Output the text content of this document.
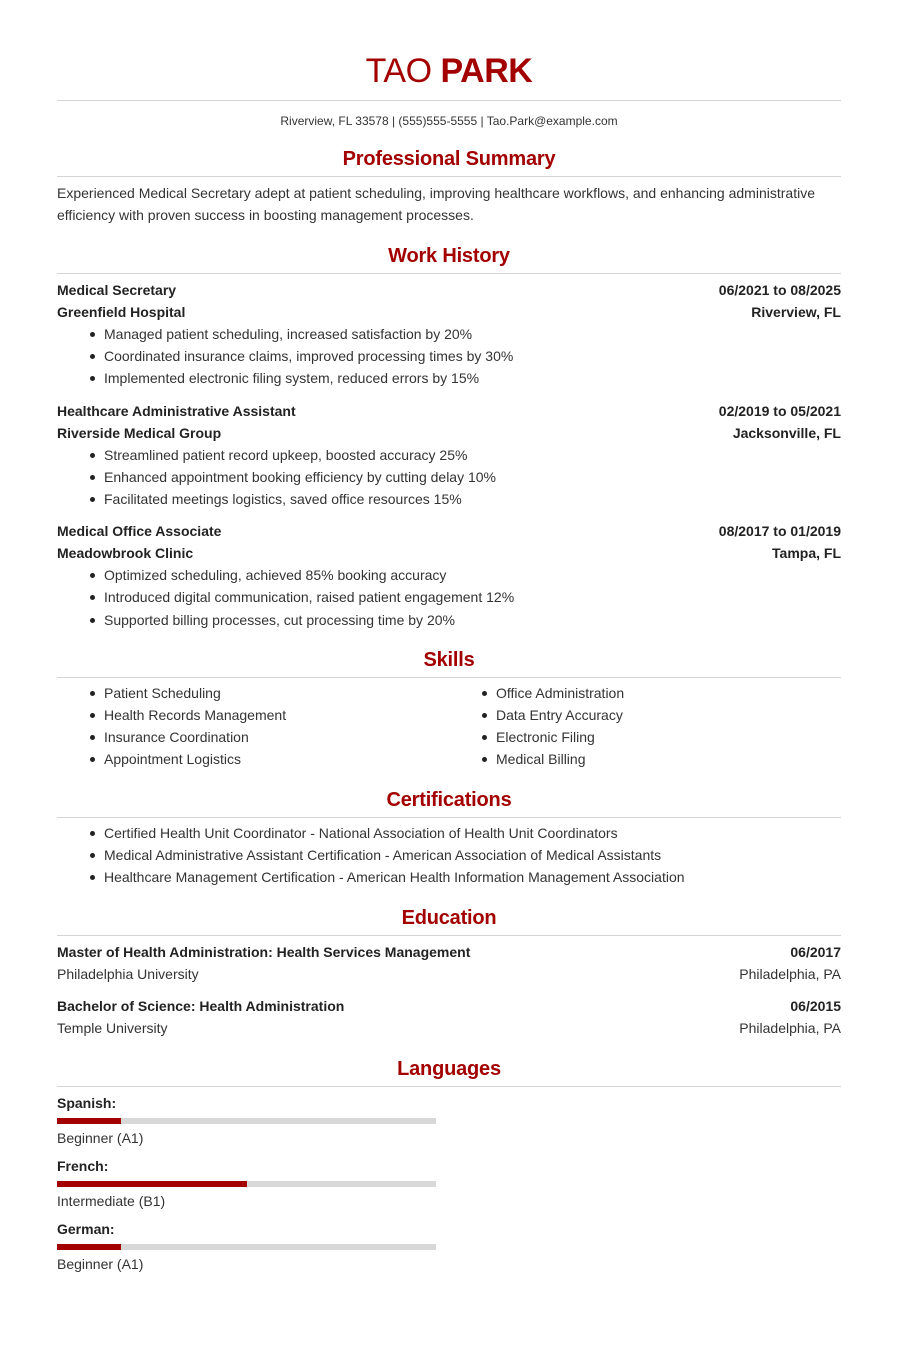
TAO PARK
Riverview, FL 33578 | (555)555-5555 | Tao.Park@example.com
Professional Summary
Experienced Medical Secretary adept at patient scheduling, improving healthcare workflows, and enhancing administrative efficiency with proven success in boosting management processes.
Work History
Medical Secretary	06/2021 to 08/2025
Greenfield Hospital	Riverview, FL
Managed patient scheduling, increased satisfaction by 20%
Coordinated insurance claims, improved processing times by 30%
Implemented electronic filing system, reduced errors by 15%
Healthcare Administrative Assistant	02/2019 to 05/2021
Riverside Medical Group	Jacksonville, FL
Streamlined patient record upkeep, boosted accuracy 25%
Enhanced appointment booking efficiency by cutting delay 10%
Facilitated meetings logistics, saved office resources 15%
Medical Office Associate	08/2017 to 01/2019
Meadowbrook Clinic	Tampa, FL
Optimized scheduling, achieved 85% booking accuracy
Introduced digital communication, raised patient engagement 12%
Supported billing processes, cut processing time by 20%
Skills
Patient Scheduling
Health Records Management
Insurance Coordination
Appointment Logistics
Office Administration
Data Entry Accuracy
Electronic Filing
Medical Billing
Certifications
Certified Health Unit Coordinator - National Association of Health Unit Coordinators
Medical Administrative Assistant Certification - American Association of Medical Assistants
Healthcare Management Certification - American Health Information Management Association
Education
Master of Health Administration: Health Services Management	06/2017
Philadelphia University	Philadelphia, PA
Bachelor of Science: Health Administration	06/2015
Temple University	Philadelphia, PA
Languages
Spanish:
Beginner (A1)
French:
Intermediate (B1)
German:
Beginner (A1)
